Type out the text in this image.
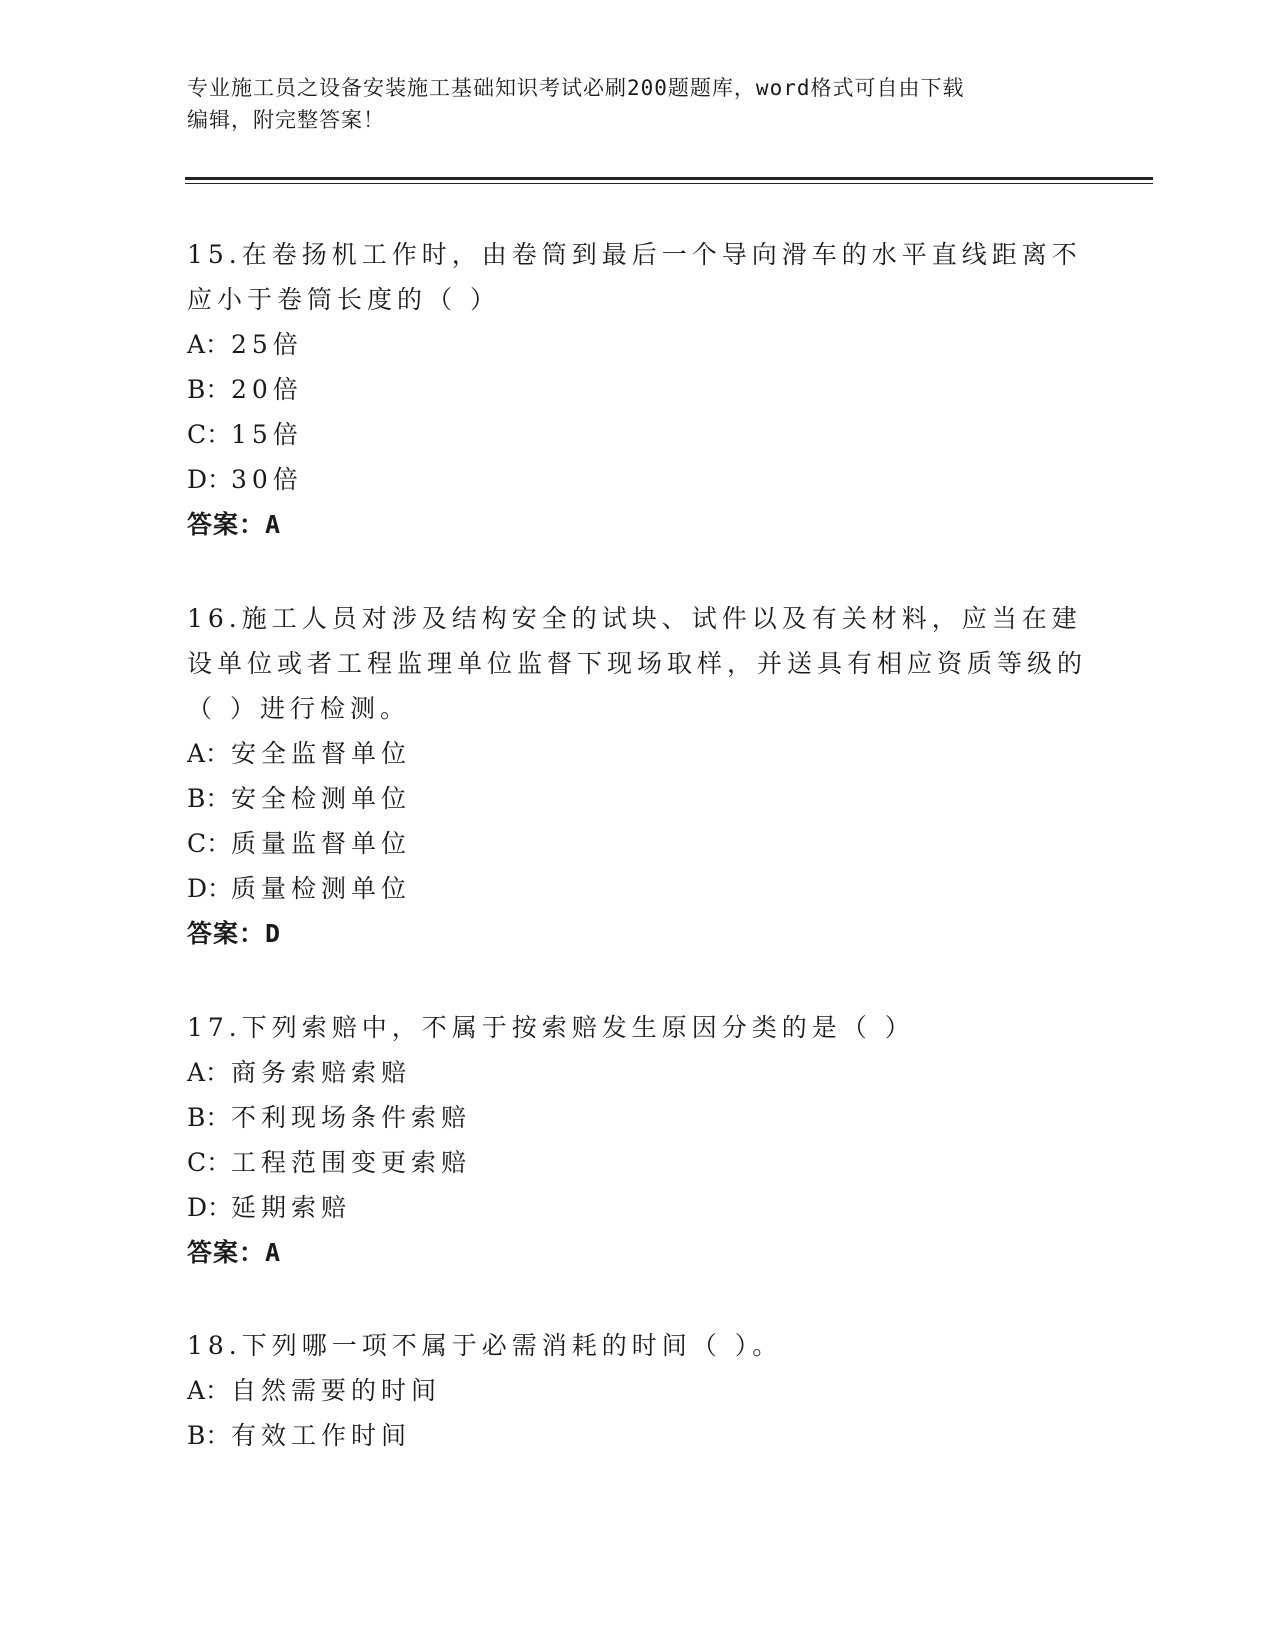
专业施工员之设备安装施工基础知识考试必刷200题题库，word格式可自由下载
编辑，附完整答案！

15.在卷扬机工作时，由卷筒到最后一个导向滑车的水平直线距离不应小于卷筒长度的（ ）

A：25倍

B：20倍

C：15倍

D：30倍

答案：A

16.施工人员对涉及结构安全的试块、试件以及有关材料，应当在建设单位或者工程监理单位监督下现场取样，并送具有相应资质等级的（ ）进行检测。

A：安全监督单位

B：安全检测单位

C：质量监督单位

D：质量检测单位

答案：D

17.下列索赔中，不属于按索赔发生原因分类的是（ ）

A：商务索赔索赔

B：不利现场条件索赔

C：工程范围变更索赔

D：延期索赔

答案：A

18.下列哪一项不属于必需消耗的时间（ ）。

A：自然需要的时间

B：有效工作时间
